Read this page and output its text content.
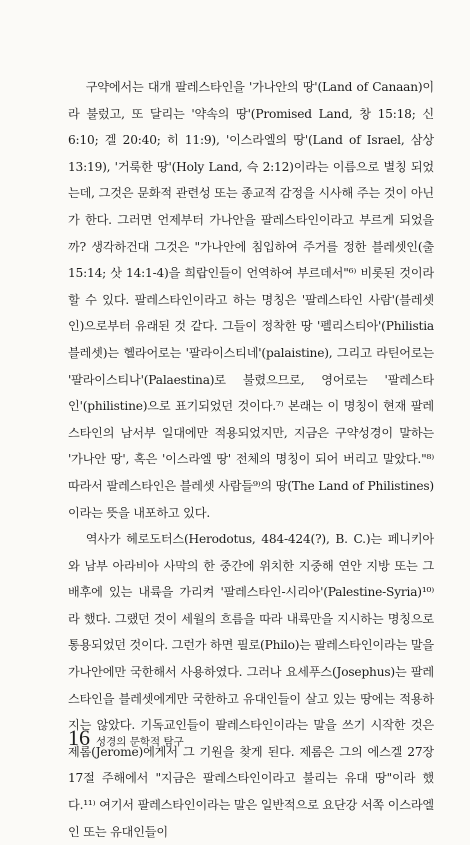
구약에서는 대개 팔레스타인을 '가나안의 땅'(Land of Canaan)이라 불렀고, 또 달리는 '약속의 땅'(Promised Land, 창 15:18; 신 6:10; 겔 20:40; 히 11:9), '이스라엘의 땅'(Land of Israel, 삼상 13:19), '거룩한 땅'(Holy Land, 슥 2:12)이라는 이름으로 별칭 되었는데, 그것은 문화적 관련성 또는 종교적 감정을 시사해 주는 것이 아닌가 한다. 그러면 언제부터 가나안을 팔레스타인이라고 부르게 되었을까? 생각하건대 그것은 "가나안에 침입하여 주거를 정한 블레셋인(출 15:14; 삿 14:1-4)을 희랍인들이 언역하여 부르데서"⁶⁾ 비롯된 것이라 할 수 있다. 팔레스타인이라고 하는 명칭은 '팔레스타인 사람'(블레셋인)으로부터 유래된 것 같다. 그들이 정착한 땅 '펠리스티아'(Philistia 블레셋)는 헬라어로는 '팔라이스티네'(palaistine), 그리고 라틴어로는 '팔라이스티나'(Palaestina)로 불렸으므로, 영어로는 '팔레스타인'(philistine)으로 표기되었던 것이다.⁷⁾ 본래는 이 명칭이 현재 팔레스타인의 남서부 일대에만 적용되었지만, 지금은 구약성경이 말하는 '가나안 땅', 혹은 '이스라엘 땅' 전체의 명칭이 되어 버리고 말았다."⁸⁾ 따라서 팔레스타인은 블레셋 사람들⁹⁾의 땅(The Land of Philistines)이라는 뜻을 내포하고 있다.

역사가 헤로도터스(Herodotus, 484-424(?), B. C.)는 페니키아와 남부 아라비아 사막의 한 중간에 위치한 지중해 연안 지방 또는 그 배후에 있는 내륙을 가리켜 '팔레스타인-시리아'(Palestine-Syria)¹⁰⁾라 했다. 그랬던 것이 세월의 흐름을 따라 내륙만을 지시하는 명칭으로 통용되었던 것이다. 그런가 하면 필로(Philo)는 팔레스타인이라는 말을 가나안에만 국한해서 사용하였다. 그러나 요세푸스(Josephus)는 팔레스타인을 블레셋에게만 국한하고 유대인들이 살고 있는 땅에는 적용하지는 않았다. 기독교인들이 팔레스타인이라는 말을 쓰기 시작한 것은 제롬(Jerome)에게서 그 기원을 찾게 된다. 제롬은 그의 에스겔 27장 17절 주해에서 "지금은 팔레스타인이라고 불리는 유대 땅"이라 했다.¹¹⁾ 여기서 팔레스타인이라는 말은 일반적으로 요단강 서쪽 이스라엘인 또는 유대인들이

16 성경의 문학적 탐구
